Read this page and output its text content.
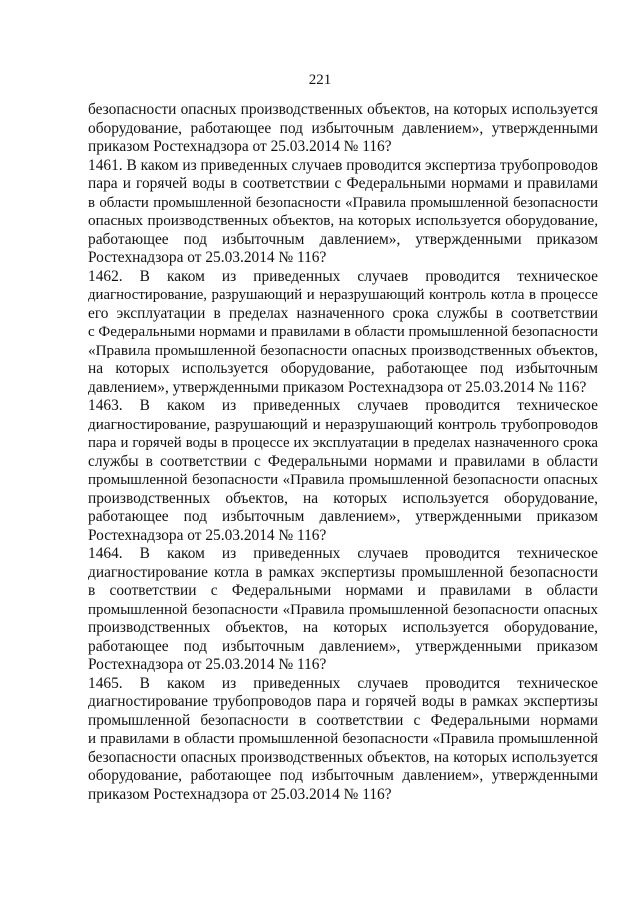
221
безопасности опасных производственных объектов, на которых используется
оборудование, работающее под избыточным давлением», утвержденными
приказом Ростехнадзора от 25.03.2014 № 116?
1461. В каком из приведенных случаев проводится экспертиза трубопроводов
пара и горячей воды в соответствии с Федеральными нормами и правилами
в области промышленной безопасности «Правила промышленной безопасности
опасных производственных объектов, на которых используется оборудование,
работающее под избыточным давлением», утвержденными приказом
Ростехнадзора от 25.03.2014 № 116?
1462. В каком из приведенных случаев проводится техническое
диагностирование, разрушающий и неразрушающий контроль котла в процессе
его эксплуатации в пределах назначенного срока службы в соответствии
с Федеральными нормами и правилами в области промышленной безопасности
«Правила промышленной безопасности опасных производственных объектов,
на которых используется оборудование, работающее под избыточным
давлением», утвержденными приказом Ростехнадзора от 25.03.2014 № 116?
1463. В каком из приведенных случаев проводится техническое
диагностирование, разрушающий и неразрушающий контроль трубопроводов
пара и горячей воды в процессе их эксплуатации в пределах назначенного срока
службы в соответствии с Федеральными нормами и правилами в области
промышленной безопасности «Правила промышленной безопасности опасных
производственных объектов, на которых используется оборудование,
работающее под избыточным давлением», утвержденными приказом
Ростехнадзора от 25.03.2014 № 116?
1464. В каком из приведенных случаев проводится техническое
диагностирование котла в рамках экспертизы промышленной безопасности
в соответствии с Федеральными нормами и правилами в области
промышленной безопасности «Правила промышленной безопасности опасных
производственных объектов, на которых используется оборудование,
работающее под избыточным давлением», утвержденными приказом
Ростехнадзора от 25.03.2014 № 116?
1465. В каком из приведенных случаев проводится техническое
диагностирование трубопроводов пара и горячей воды в рамках экспертизы
промышленной безопасности в соответствии с Федеральными нормами
и правилами в области промышленной безопасности «Правила промышленной
безопасности опасных производственных объектов, на которых используется
оборудование, работающее под избыточным давлением», утвержденными
приказом Ростехнадзора от 25.03.2014 № 116?
